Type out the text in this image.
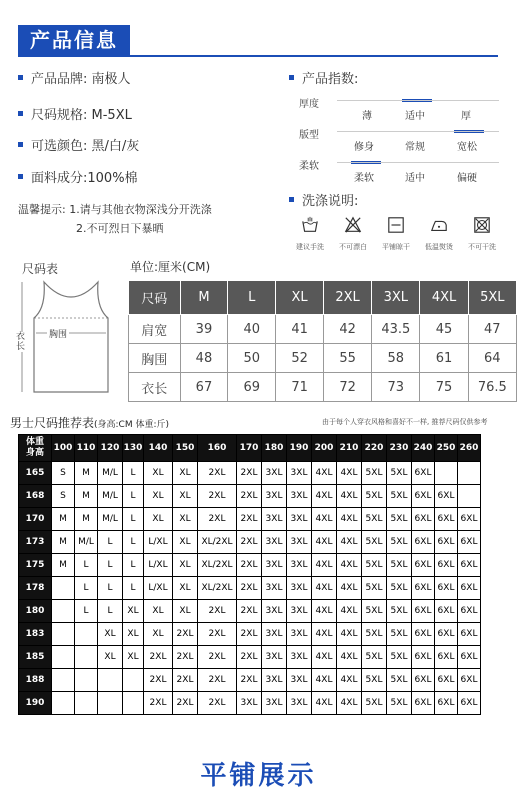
产品信息
产品品牌: 南极人
尺码规格: M-5XL
可选颜色: 黑/白/灰
面料成分:100%棉
温馨提示: 1.请与其他衣物深浅分开洗涤
2.不可烈日下暴晒
产品指数:
厚度
薄	适中	厚
版型
修身	常规	宽松
柔软
柔软	适中	偏硬
洗涤说明:
建议手洗	不可漂白	平铺晾干	低温熨烫	不可干洗
尺码表	单位:厘米(CM)
胸围
衣长
尺码	M	L	XL	2XL	3XL	4XL	5XL
肩宽	39	40	41	42	43.5	45	47
胸围	48	50	52	55	58	61	64
衣长	67	69	71	72	73	75	76.5
男士尺码推荐表(身高:CM 体重:斤)	由于每个人穿衣风格和喜好不一样, 推荐尺码仅供参考
体重
身高	100	110	120	130	140	150	160	170	180	190	200	210	220	230	240	250	260
165	S	M	M/L	L	XL	XL	2XL	2XL	3XL	3XL	4XL	4XL	5XL	5XL	6XL		
168	S	M	M/L	L	XL	XL	2XL	2XL	3XL	3XL	4XL	4XL	5XL	5XL	6XL	6XL	
170	M	M	M/L	L	XL	XL	2XL	2XL	3XL	3XL	4XL	4XL	5XL	5XL	6XL	6XL	6XL
173	M	M/L	L	L	L/XL	XL	XL/2XL	2XL	3XL	3XL	4XL	4XL	5XL	5XL	6XL	6XL	6XL
175	M	L	L	L	L/XL	XL	XL/2XL	2XL	3XL	3XL	4XL	4XL	5XL	5XL	6XL	6XL	6XL
178		L	L	L	L/XL	XL	XL/2XL	2XL	3XL	3XL	4XL	4XL	5XL	5XL	6XL	6XL	6XL
180		L	L	XL	XL	XL	2XL	2XL	3XL	3XL	4XL	4XL	5XL	5XL	6XL	6XL	6XL
183			XL	XL	XL	2XL	2XL	2XL	3XL	3XL	4XL	4XL	5XL	5XL	6XL	6XL	6XL
185			XL	XL	2XL	2XL	2XL	2XL	3XL	3XL	4XL	4XL	5XL	5XL	6XL	6XL	6XL
188					2XL	2XL	2XL	2XL	3XL	3XL	4XL	4XL	5XL	5XL	6XL	6XL	6XL
190					2XL	2XL	2XL	3XL	3XL	3XL	4XL	4XL	5XL	5XL	6XL	6XL	6XL
平铺展示
